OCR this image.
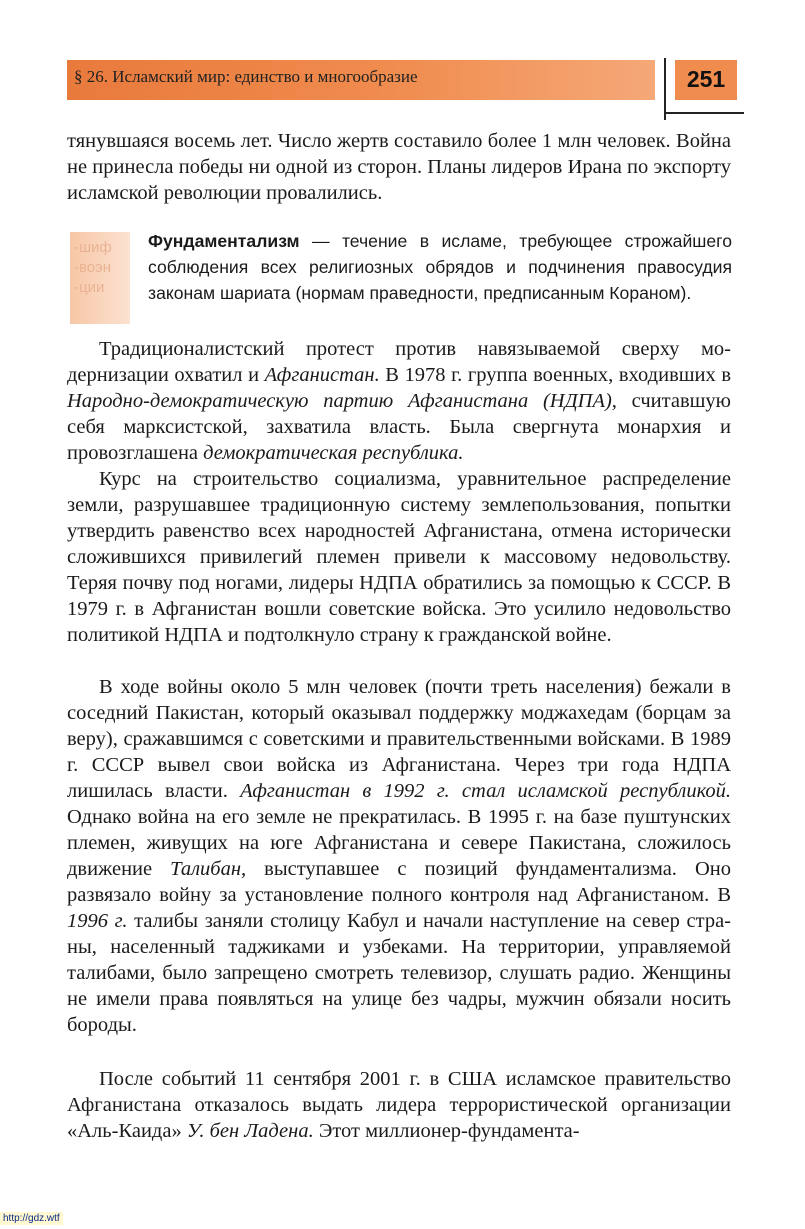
§ 26. Исламский мир: единство и многообразие	251

тянувшаяся восемь лет. Число жертв составило более 1 млн человек. Война не принесла победы ни одной из сторон. Планы лидеров Ирана по экспорту исламской революции провалились.

-шиф -воэн -ции

Фундаментализм — течение в исламе, требующее строжайшего соблюдения всех религиозных обрядов и подчинения правосудия законам шариата (нормам праведности, предписанным Кораном).

Традиционалистский протест против навязываемой сверху модернизации охватил и Афганистан. В 1978 г. группа военных, входивших в Народно-демократическую партию Афганистана (НДПА), считавшую себя марксистской, захватила власть. Была свергнута монархия и провозглашена демократическая республика.

Курс на строительство социализма, уравнительное распределение земли, разрушавшее традиционную систему землепользования, попытки утвердить равенство всех народностей Афганистана, отмена исторически сложившихся привилегий племен привели к массовому недовольству. Теряя почву под ногами, лидеры НДПА обратились за помощью к СССР. В 1979 г. в Афганистан вошли советские войска. Это усилило недовольство политикой НДПА и подтолкнуло страну к гражданской войне.

В ходе войны около 5 млн человек (почти треть населения) бежали в соседний Пакистан, который оказывал поддержку моджахедам (борцам за веру), сражавшимся с советскими и правительственными войсками. В 1989 г. СССР вывел свои войска из Афганистана. Через три года НДПА лишилась власти. Афганистан в 1992 г. стал исламской республикой. Однако война на его земле не прекратилась. В 1995 г. на базе пуштунских племен, живущих на юге Афганистана и севере Пакистана, сложилось движение Талибан, выступавшее с позиций фундаментализма. Оно развязало войну за установление полного контроля над Афганистаном. В 1996 г. талибы заняли столицу Кабул и начали наступление на север страны, населенный таджиками и узбеками. На территории, управляемой талибами, было запрещено смотреть телевизор, слушать радио. Женщины не имели права появляться на улице без чадры, мужчин обязали носить бороды.

После событий 11 сентября 2001 г. в США исламское правительство Афганистана отказалось выдать лидера террористической организации «Аль-Каида» У. бен Ладена. Этот миллионер-фундамента-

http://gdz.wtf
